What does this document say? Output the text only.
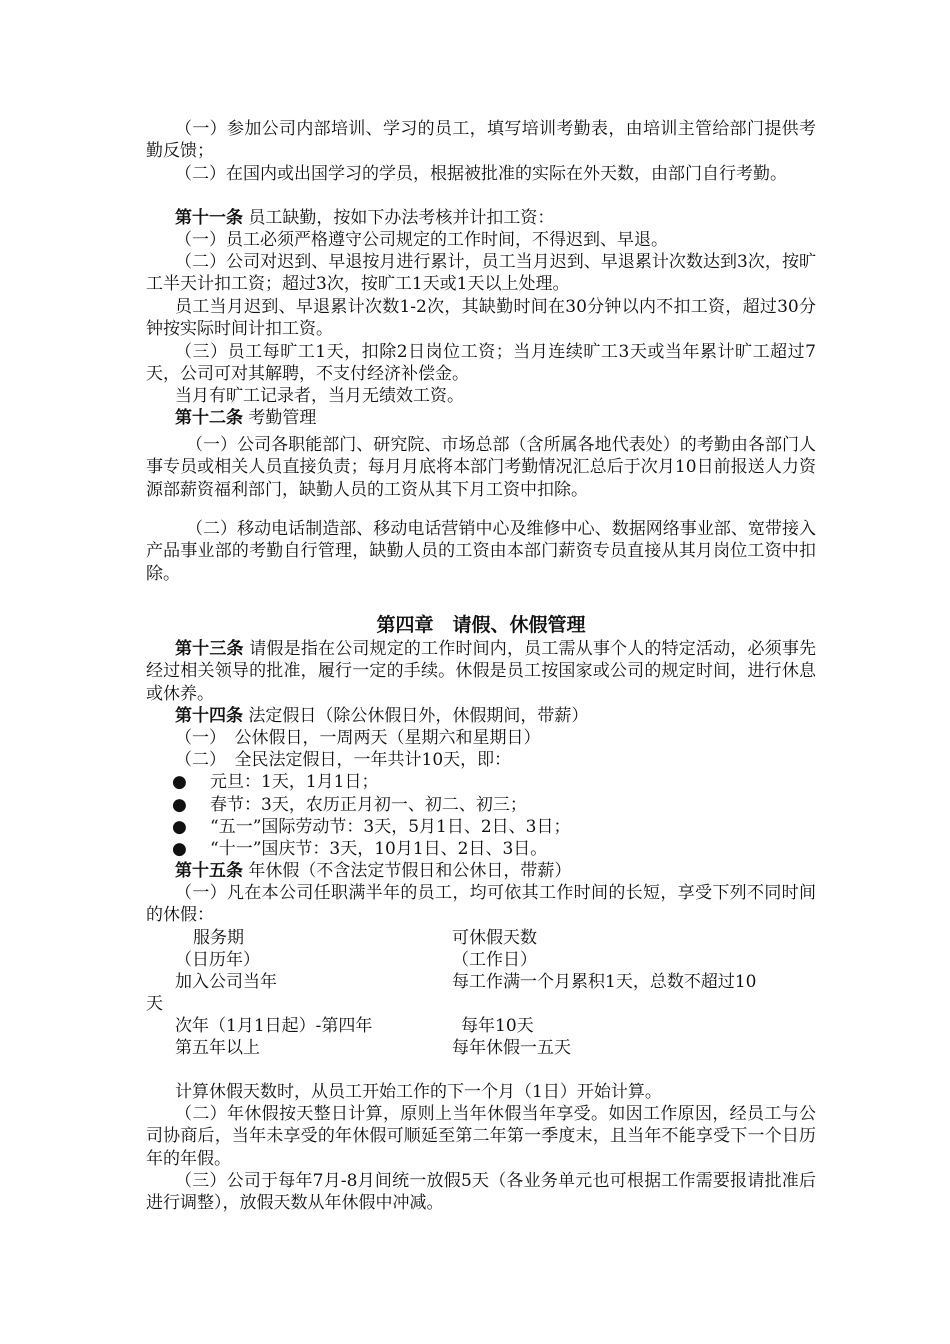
（一）参加公司内部培训、学习的员工，填写培训考勤表，由培训主管给部门提供考勤反馈；

（二）在国内或出国学习的学员，根据被批准的实际在外天数，由部门自行考勤。

第十一条 员工缺勤，按如下办法考核并计扣工资：

（一）员工必须严格遵守公司规定的工作时间，不得迟到、早退。

（二）公司对迟到、早退按月进行累计，员工当月迟到、早退累计次数达到3次，按旷工半天计扣工资；超过3次，按旷工1天或1天以上处理。

员工当月迟到、早退累计次数1-2次，其缺勤时间在30分钟以内不扣工资，超过30分钟按实际时间计扣工资。

（三）员工每旷工1天，扣除2日岗位工资；当月连续旷工3天或当年累计旷工超过7天，公司可对其解聘，不支付经济补偿金。

当月有旷工记录者，当月无绩效工资。

第十二条 考勤管理

（一）公司各职能部门、研究院、市场总部（含所属各地代表处）的考勤由各部门人事专员或相关人员直接负责；每月月底将本部门考勤情况汇总后于次月10日前报送人力资源部薪资福利部门，缺勤人员的工资从其下月工资中扣除。

（二）移动电话制造部、移动电话营销中心及维修中心、数据网络事业部、宽带接入产品事业部的考勤自行管理，缺勤人员的工资由本部门薪资专员直接从其月岗位工资中扣除。

第四章　请假、休假管理

第十三条 请假是指在公司规定的工作时间内，员工需从事个人的特定活动，必须事先经过相关领导的批准，履行一定的手续。休假是员工按国家或公司的规定时间，进行休息或休养。

第十四条 法定假日（除公休假日外，休假期间，带薪）

（一）　公休假日，一周两天（星期六和星期日）

（二）　全民法定假日，一年共计10天，即：

● 元旦：1天，1月1日；

● 春节：3天，农历正月初一、初二、初三；

● “五一”国际劳动节：3天，5月1日、2日、3日；

● “十一”国庆节：3天，10月1日、2日、3日。

第十五条 年休假（不含法定节假日和公休日，带薪）

（一）凡在本公司任职满半年的员工，均可依其工作时间的长短，享受下列不同时间的休假：

服务期	可休假天数

（日历年）	（工作日）

加入公司当年	每工作满一个月累积1天，总数不超过10

天

次年（1月1日起）-第四年	每年10天

第五年以上	每年休假一五天

计算休假天数时，从员工开始工作的下一个月（1日）开始计算。

（二）年休假按天整日计算，原则上当年休假当年享受。如因工作原因，经员工与公司协商后，当年未享受的年休假可顺延至第二年第一季度末，且当年不能享受下一个日历年的年假。

（三）公司于每年7月-8月间统一放假5天（各业务单元也可根据工作需要报请批准后进行调整），放假天数从年休假中冲减。
